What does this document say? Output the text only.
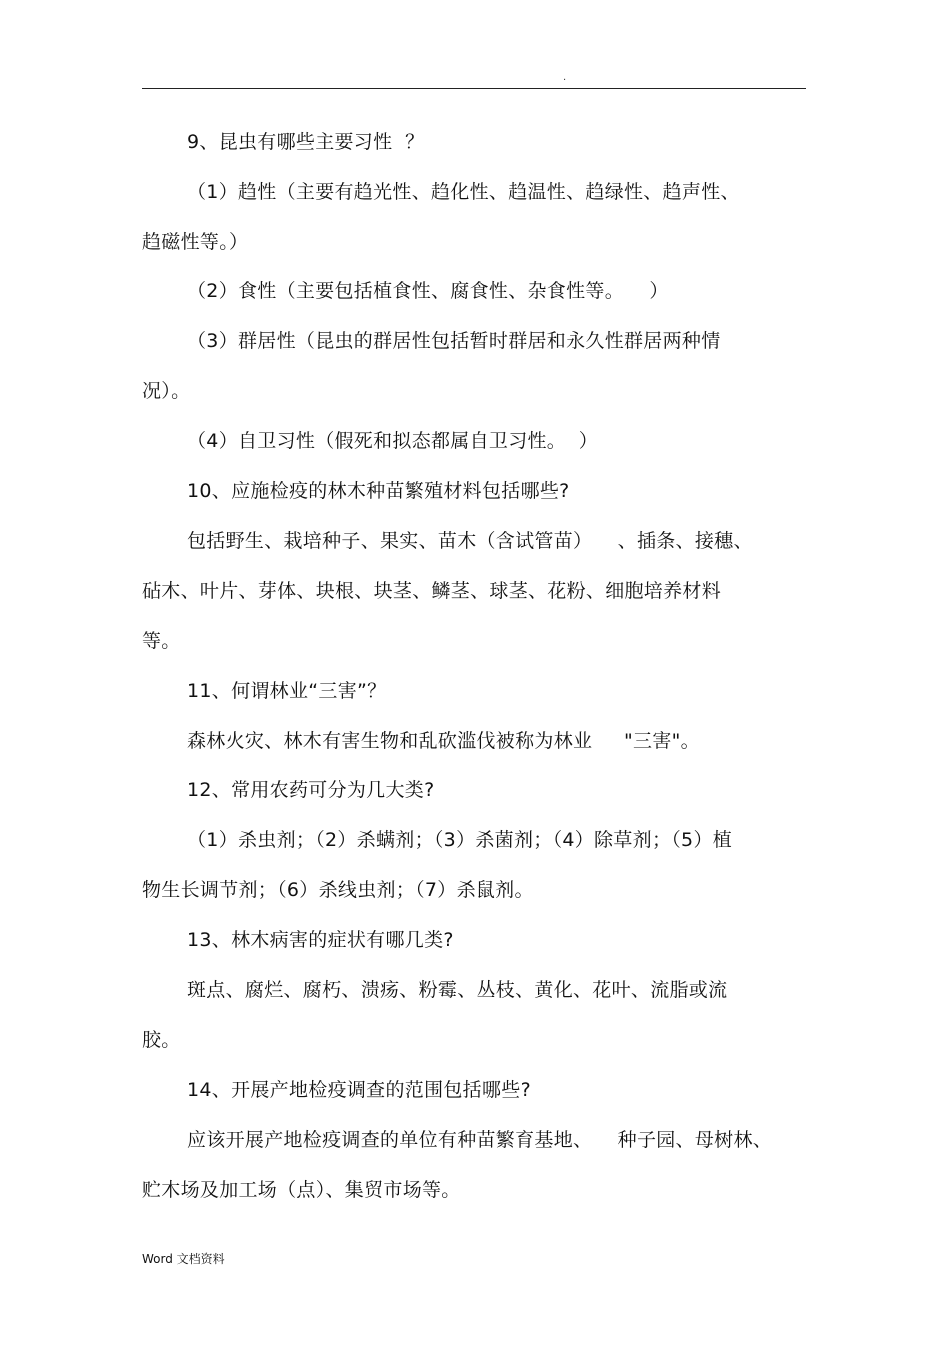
.
9、昆虫有哪些主要习性  ？
（1）趋性（主要有趋光性、趋化性、趋温性、趋绿性、趋声性、
趋磁性等。）
（2）食性（主要包括植食性、腐食性、杂食性等。    ）
（3）群居性（昆虫的群居性包括暂时群居和永久性群居两种情
况）。
（4）自卫习性（假死和拟态都属自卫习性。  ）
10、应施检疫的林木种苗繁殖材料包括哪些?
包括野生、栽培种子、果实、苗木（含试管苗）    、插条、接穗、
砧木、叶片、芽体、块根、块茎、鳞茎、球茎、花粉、细胞培养材料
等。
11、何谓林业“三害”？
森林火灾、林木有害生物和乱砍滥伐被称为林业     "三害"。
12、常用农药可分为几大类?
（1）杀虫剂；（2）杀螨剂；（3）杀菌剂；（4）除草剂；（5）植
物生长调节剂；（6）杀线虫剂；（7）杀鼠剂。
13、林木病害的症状有哪几类?
斑点、腐烂、腐朽、溃疡、粉霉、丛枝、黄化、花叶、流脂或流
胶。
14、开展产地检疫调查的范围包括哪些?
应该开展产地检疫调查的单位有种苗繁育基地、    种子园、母树林、
贮木场及加工场（点）、集贸市场等。
Word 文档资料
